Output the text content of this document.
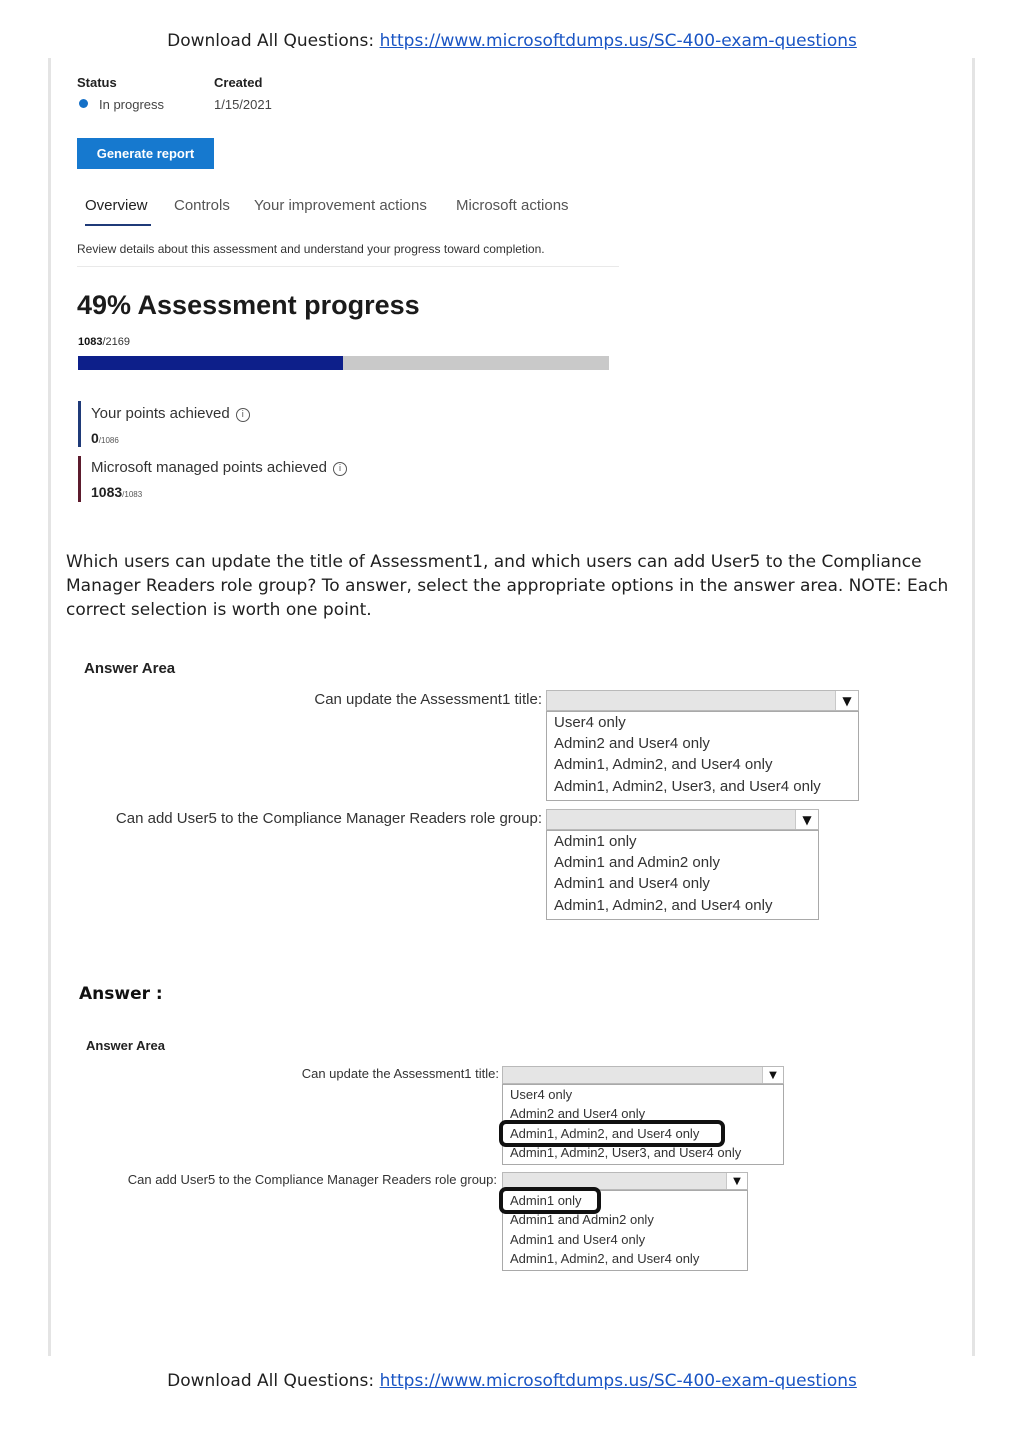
Download All Questions: https://www.microsoftdumps.us/SC-400-exam-questions
Status	Created
In progress	1/15/2021
Generate report
Overview Controls Your improvement actions Microsoft actions
Review details about this assessment and understand your progress toward completion.
49% Assessment progress
1083/2169
Your points achieved i
0/1086
Microsoft managed points achieved i
1083/1083
Which users can update the title of Assessment1, and which users can add User5 to the Compliance Manager Readers role group? To answer, select the appropriate options in the answer area. NOTE: Each correct selection is worth one point.
Answer Area
Can update the Assessment1 title:	▼
User4 only
Admin2 and User4 only
Admin1, Admin2, and User4 only
Admin1, Admin2, User3, and User4 only
Can add User5 to the Compliance Manager Readers role group:	▼
Admin1 only
Admin1 and Admin2 only
Admin1 and User4 only
Admin1, Admin2, and User4 only
Answer :
Answer Area
Can update the Assessment1 title:	▼
User4 only
Admin2 and User4 only
Admin1, Admin2, and User4 only
Admin1, Admin2, User3, and User4 only
Can add User5 to the Compliance Manager Readers role group:	▼
Admin1 only
Admin1 and Admin2 only
Admin1 and User4 only
Admin1, Admin2, and User4 only
Download All Questions: https://www.microsoftdumps.us/SC-400-exam-questions
